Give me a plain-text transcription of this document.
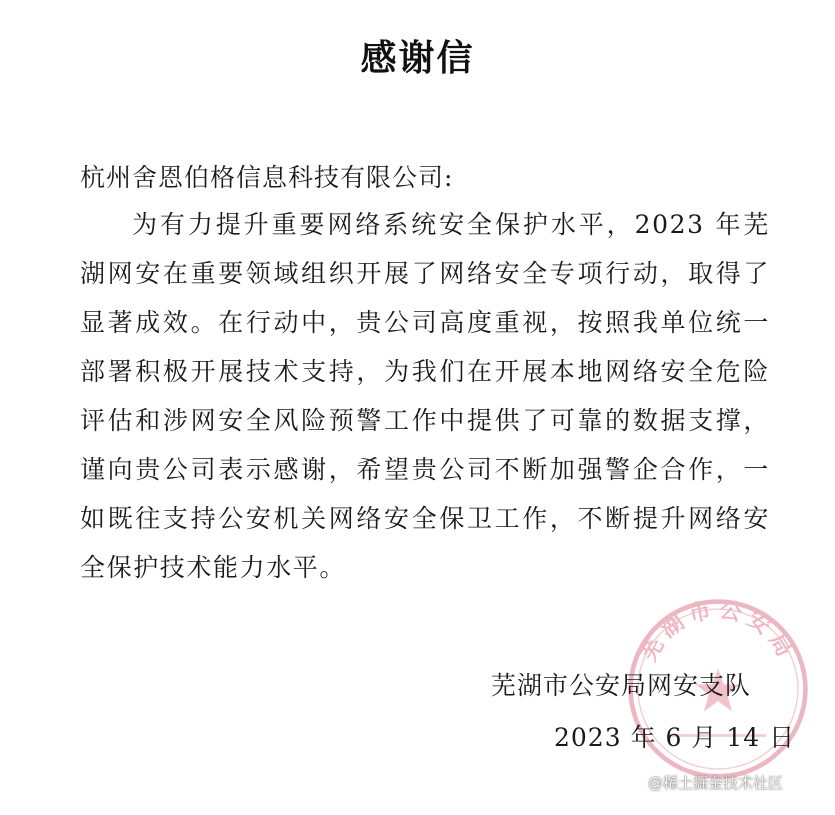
感谢信
杭州舍恩伯格信息科技有限公司:

为有力提升重要网络系统安全保护水平，2023 年芜湖网安在重要领域组织开展了网络安全专项行动，取得了显著成效。在行动中，贵公司高度重视，按照我单位统一部署积极开展技术支持，为我们在开展本地网络安全危险评估和涉网安全风险预警工作中提供了可靠的数据支撑，谨向贵公司表示感谢，希望贵公司不断加强警企合作，一如既往支持公安机关网络安全保卫工作，不断提升网络安全保护技术能力水平。

芜湖市公安局
芜湖市公安局网安支队
2023 年 6 月 14 日
@稀土掘金技术社区
